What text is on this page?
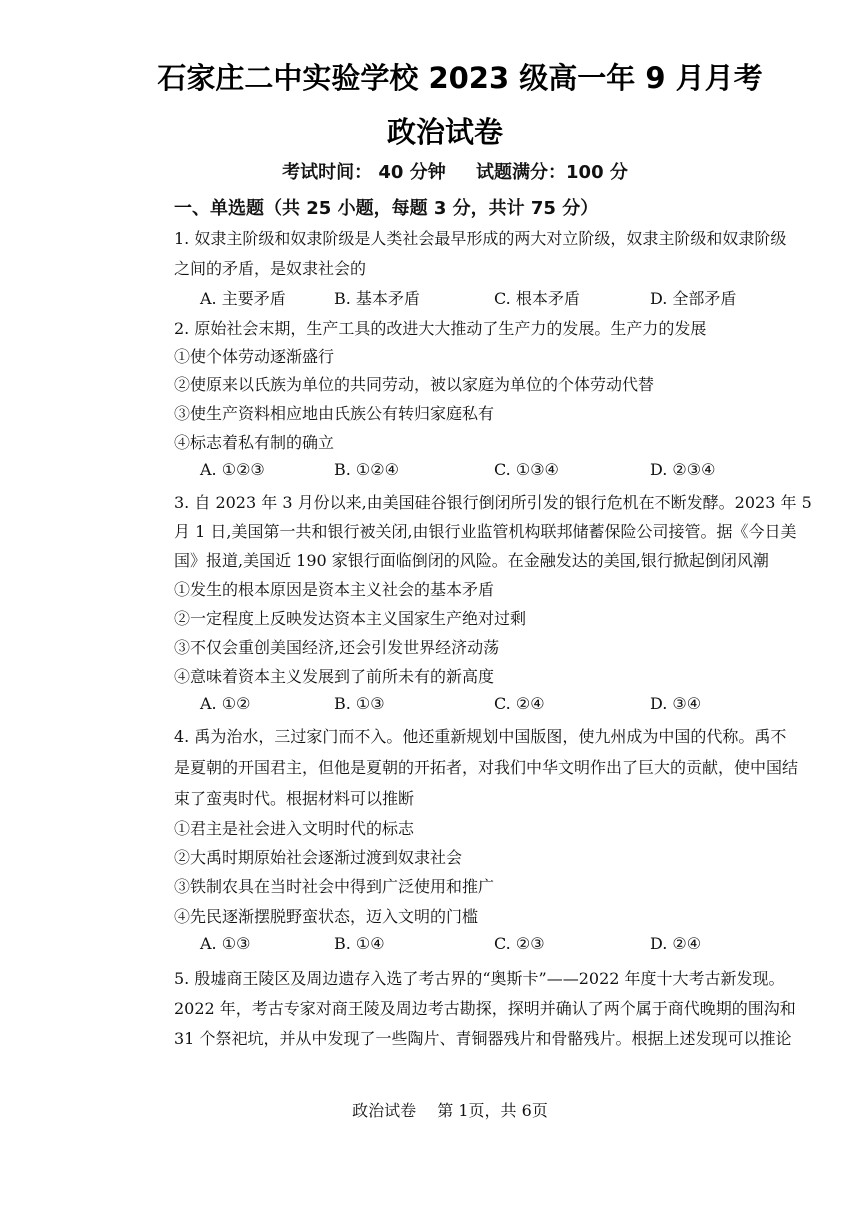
石家庄二中实验学校 2023 级高一年 9 月月考
政治试卷
考试时间： 40 分钟 试题满分：100 分
一、单选题（共 25 小题，每题 3 分，共计 75 分）
1. 奴隶主阶级和奴隶阶级是人类社会最早形成的两大对立阶级，奴隶主阶级和奴隶阶级
之间的矛盾，是奴隶社会的
A. 主要矛盾	B. 基本矛盾	C. 根本矛盾	D. 全部矛盾
2. 原始社会末期，生产工具的改进大大推动了生产力的发展。生产力的发展
①使个体劳动逐渐盛行
②使原来以氏族为单位的共同劳动，被以家庭为单位的个体劳动代替
③使生产资料相应地由氏族公有转归家庭私有
④标志着私有制的确立
A. ①②③	B. ①②④	C. ①③④	D. ②③④
3. 自 2023 年 3 月份以来,由美国硅谷银行倒闭所引发的银行危机在不断发酵。2023 年 5
月 1 日,美国第一共和银行被关闭,由银行业监管机构联邦储蓄保险公司接管。据《今日美
国》报道,美国近 190 家银行面临倒闭的风险。在金融发达的美国,银行掀起倒闭风潮
①发生的根本原因是资本主义社会的基本矛盾
②一定程度上反映发达资本主义国家生产绝对过剩
③不仅会重创美国经济,还会引发世界经济动荡
④意味着资本主义发展到了前所未有的新高度
A. ①②	B. ①③	C. ②④	D. ③④
4. 禹为治水，三过家门而不入。他还重新规划中国版图，使九州成为中国的代称。禹不
是夏朝的开国君主，但他是夏朝的开拓者，对我们中华文明作出了巨大的贡献，使中国结
束了蛮夷时代。根据材料可以推断
①君主是社会进入文明时代的标志
②大禹时期原始社会逐渐过渡到奴隶社会
③铁制农具在当时社会中得到广泛使用和推广
④先民逐渐摆脱野蛮状态，迈入文明的门槛
A. ①③	B. ①④	C. ②③	D. ②④
5. 殷墟商王陵区及周边遗存入选了考古界的“奥斯卡”——2022 年度十大考古新发现。
2022 年，考古专家对商王陵及周边考古勘探，探明并确认了两个属于商代晚期的围沟和
31 个祭祀坑，并从中发现了一些陶片、青铜器残片和骨骼残片。根据上述发现可以推论
政治试卷 第 1页，共 6页
